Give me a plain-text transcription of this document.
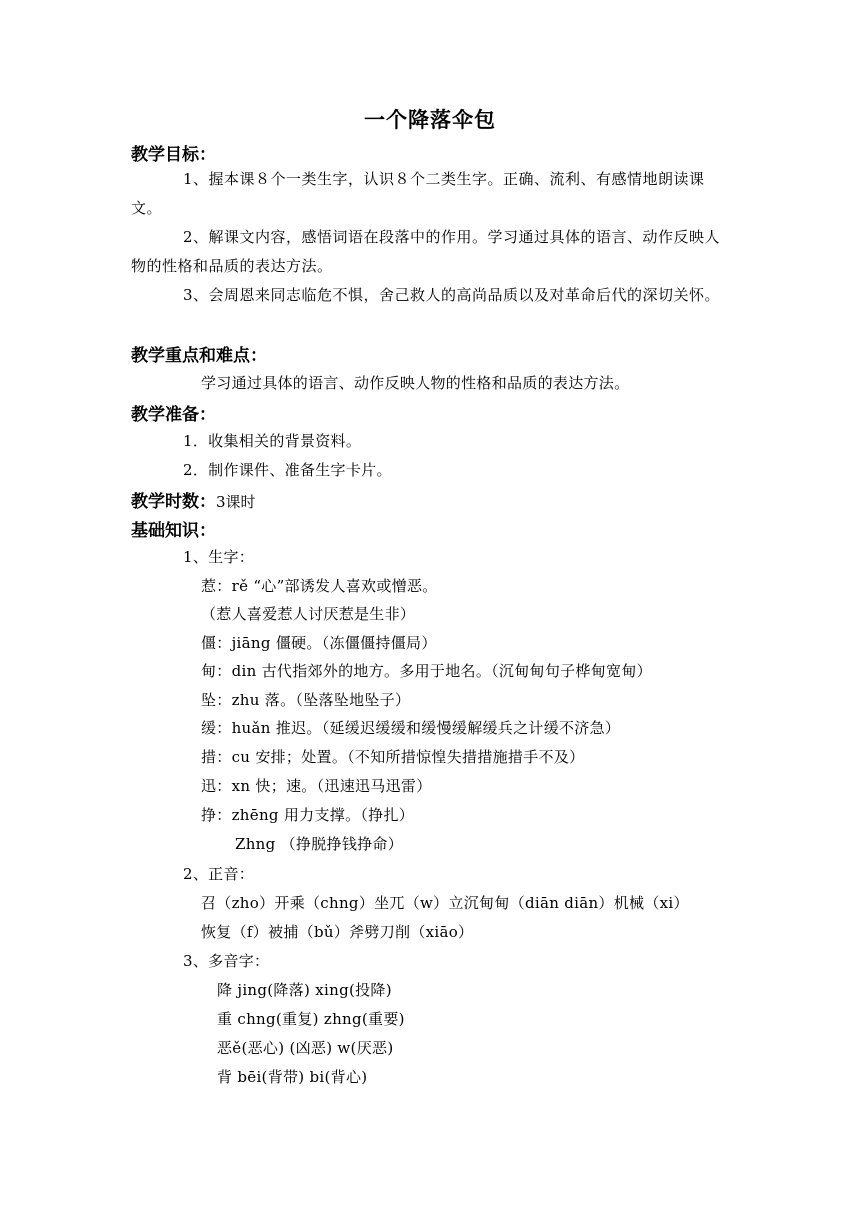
一个降落伞包
教学目标：
1、握本课８个一类生字，认识８个二类生字。正确、流利、有感情地朗读课文。
2、解课文内容，感悟词语在段落中的作用。学习通过具体的语言、动作反映人物的性格和品质的表达方法。
3、会周恩来同志临危不惧，舍己救人的高尚品质以及对革命后代的深切关怀。
教学重点和难点：
学习通过具体的语言、动作反映人物的性格和品质的表达方法。
教学准备：
1．收集相关的背景资料。
2．制作课件、准备生字卡片。
教学时数：3课时
基础知识：
1、生字：
惹：rě “心”部诱发人喜欢或憎恶。
（惹人喜爱惹人讨厌惹是生非）
僵：jiāng 僵硬。（冻僵僵持僵局）
甸：din 古代指郊外的地方。多用于地名。（沉甸甸句子桦甸宽甸）
坠：zhu 落。（坠落坠地坠子）
缓：huǎn 推迟。（延缓迟缓缓和缓慢缓解缓兵之计缓不济急）
措：cu 安排；处置。（不知所措惊惶失措措施措手不及）
迅：xn 快；速。（迅速迅马迅雷）
挣：zhēng 用力支撑。（挣扎）
Zhng （挣脱挣钱挣命）
2、正音：
召（zho）开乘（chng）坐兀（w）立沉甸甸（diān diān）机械（xi）
恢复（f）被捕（bǔ）斧劈刀削（xiāo）
3、多音字：
降 jing(降落) xing(投降)
重 chng(重复) zhng(重要)
恶ě(恶心) (凶恶) w(厌恶)
背 bēi(背带) bi(背心)
